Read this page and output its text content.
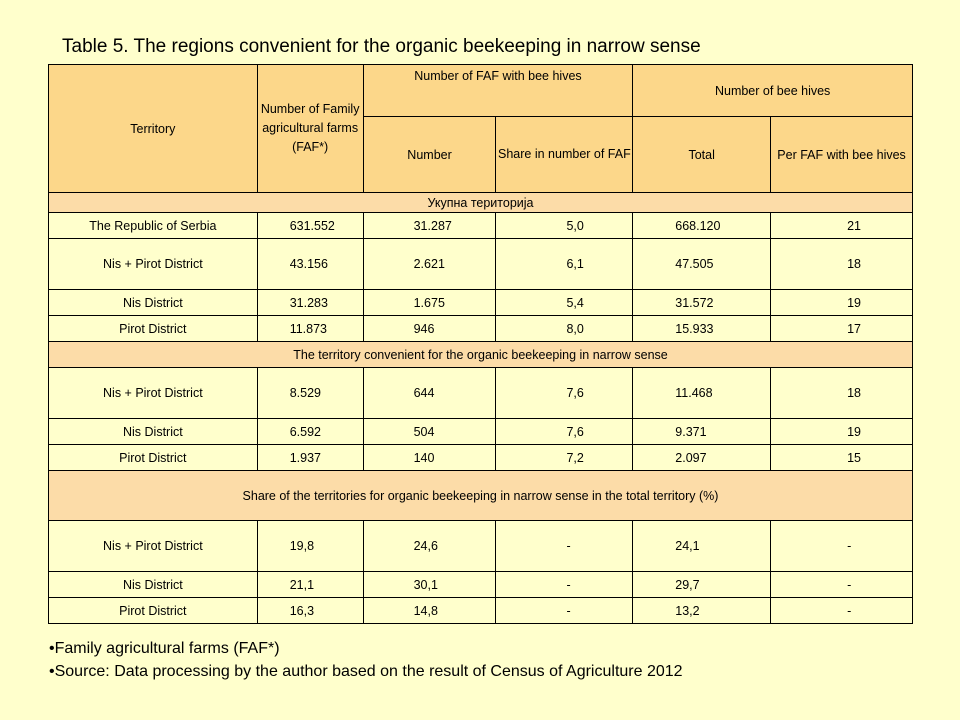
Table 5. The regions convenient for the organic beekeeping in narrow sense
Territory	Number of Family agricultural farms (FAF*)	Number of FAF with bee hives		Number of bee hives	
		Number	Share in number of FAF	Total	Per FAF with bee hives
Укупна територија					
The Republic of Serbia	631.552	31.287	5,0	668.120	21
Nis + Pirot District	43.156	2.621	6,1	47.505	18
Nis District	31.283	1.675	5,4	31.572	19
Pirot District	11.873	946	8,0	15.933	17
The territory convenient for the organic beekeeping in narrow sense					
Nis + Pirot District	8.529	644	7,6	11.468	18
Nis District	6.592	504	7,6	9.371	19
Pirot District	1.937	140	7,2	2.097	15
Share of the territories for organic beekeeping in narrow sense in the total territory (%)					
Nis + Pirot District	19,8	24,6	-	24,1	-
Nis District	21,1	30,1	-	29,7	-
Pirot District	16,3	14,8	-	13,2	-
•Family agricultural farms (FAF*)
•Source: Data processing by the author based on the result of Census of Agriculture 2012
